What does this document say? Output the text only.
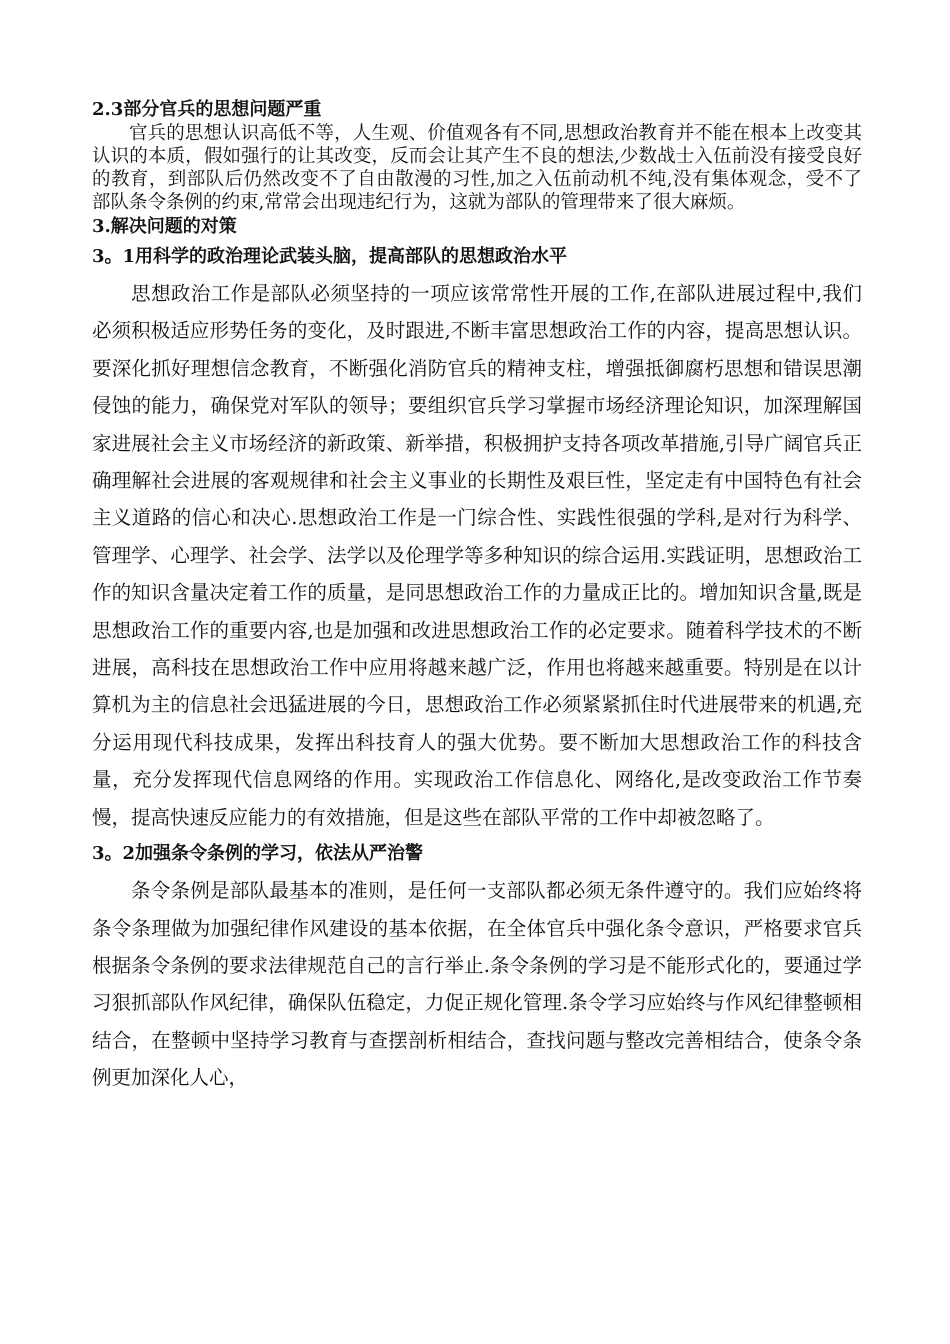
2.3部分官兵的思想问题严重

官兵的思想认识高低不等，人生观、价值观各有不同,思想政治教育并不能在根本上改变其认识的本质，假如强行的让其改变，反而会让其产生不良的想法,少数战士入伍前没有接受良好的教育，到部队后仍然改变不了自由散漫的习性,加之入伍前动机不纯,没有集体观念，受不了部队条令条例的约束,常常会出现违纪行为，这就为部队的管理带来了很大麻烦。

3.解决问题的对策
3。1用科学的政治理论武装头脑，提高部队的思想政治水平

思想政治工作是部队必须坚持的一项应该常常性开展的工作,在部队进展过程中,我们必须积极适应形势任务的变化，及时跟进,不断丰富思想政治工作的内容，提高思想认识。要深化抓好理想信念教育，不断强化消防官兵的精神支柱，增强抵御腐朽思想和错误思潮侵蚀的能力，确保党对军队的领导；要组织官兵学习掌握市场经济理论知识，加深理解国家进展社会主义市场经济的新政策、新举措，积极拥护支持各项改革措施,引导广阔官兵正确理解社会进展的客观规律和社会主义事业的长期性及艰巨性，坚定走有中国特色有社会主义道路的信心和决心.思想政治工作是一门综合性、实践性很强的学科,是对行为科学、管理学、心理学、社会学、法学以及伦理学等多种知识的综合运用.实践证明，思想政治工作的知识含量决定着工作的质量，是同思想政治工作的力量成正比的。增加知识含量,既是思想政治工作的重要内容,也是加强和改进思想政治工作的必定要求。随着科学技术的不断进展，高科技在思想政治工作中应用将越来越广泛，作用也将越来越重要。特别是在以计算机为主的信息社会迅猛进展的今日，思想政治工作必须紧紧抓住时代进展带来的机遇,充分运用现代科技成果，发挥出科技育人的强大优势。要不断加大思想政治工作的科技含量，充分发挥现代信息网络的作用。实现政治工作信息化、网络化,是改变政治工作节奏慢，提高快速反应能力的有效措施，但是这些在部队平常的工作中却被忽略了。

3。2加强条令条例的学习，依法从严治警

条令条例是部队最基本的准则，是任何一支部队都必须无条件遵守的。我们应始终将条令条理做为加强纪律作风建设的基本依据，在全体官兵中强化条令意识，严格要求官兵根据条令条例的要求法律规范自己的言行举止.条令条例的学习是不能形式化的，要通过学习狠抓部队作风纪律，确保队伍稳定，力促正规化管理.条令学习应始终与作风纪律整顿相结合，在整顿中坚持学习教育与查摆剖析相结合，查找问题与整改完善相结合，使条令条例更加深化人心，
